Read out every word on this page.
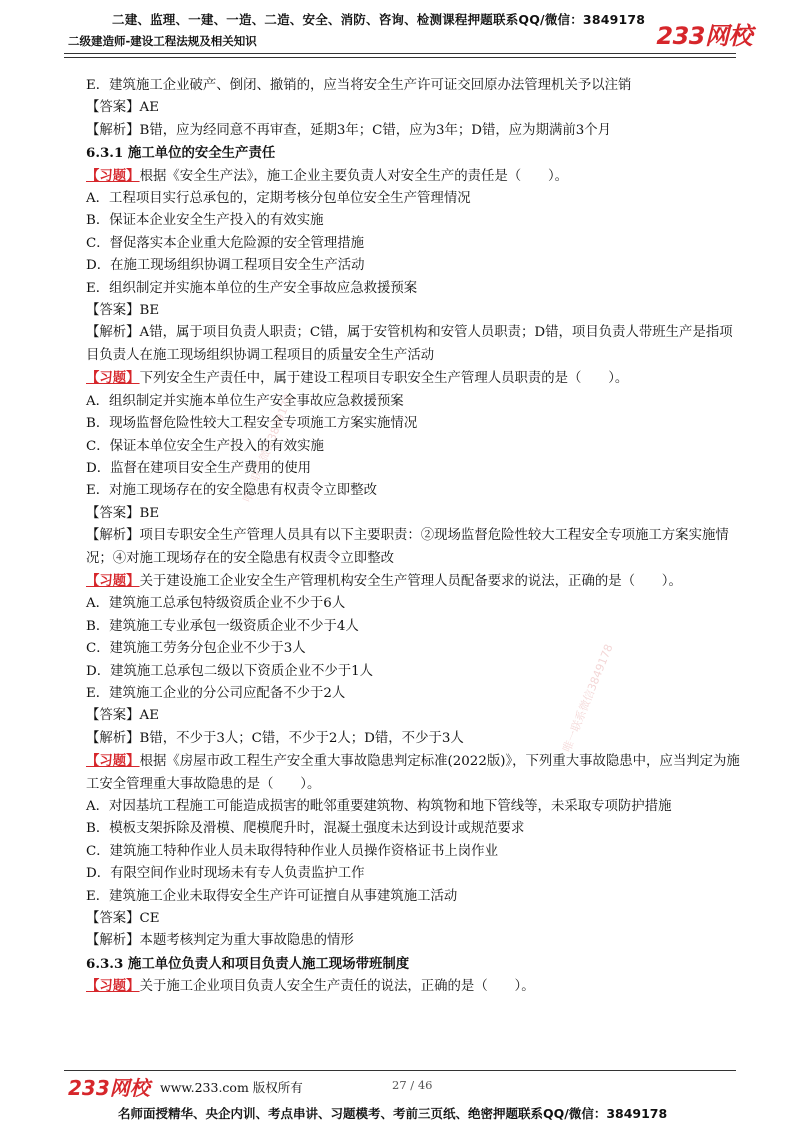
二建、监理、一建、一造、二造、安全、消防、咨询、检测课程押题联系QQ/微信：3849178
二级建造师-建设工程法规及相关知识	233网校
唯一联系微信3849178
唯一联系微信3849178
E．建筑施工企业破产、倒闭、撤销的，应当将安全生产许可证交回原办法管理机关予以注销
【答案】AE
【解析】B错，应为经同意不再审查，延期3年；C错，应为3年；D错，应为期满前3个月
6.3.1 施工单位的安全生产责任
【习题】根据《安全生产法》，施工企业主要负责人对安全生产的责任是（　　）。
A．工程项目实行总承包的，定期考核分包单位安全生产管理情况
B．保证本企业安全生产投入的有效实施
C．督促落实本企业重大危险源的安全管理措施
D．在施工现场组织协调工程项目安全生产活动
E．组织制定并实施本单位的生产安全事故应急救援预案
【答案】BE
【解析】A错，属于项目负责人职责；C错，属于安管机构和安管人员职责；D错，项目负责人带班生产是指项目负责人在施工现场组织协调工程项目的质量安全生产活动
【习题】下列安全生产责任中，属于建设工程项目专职安全生产管理人员职责的是（　　）。
A．组织制定并实施本单位生产安全事故应急救援预案
B．现场监督危险性较大工程安全专项施工方案实施情况
C．保证本单位安全生产投入的有效实施
D．监督在建项目安全生产费用的使用
E．对施工现场存在的安全隐患有权责令立即整改
【答案】BE
【解析】项目专职安全生产管理人员具有以下主要职责：②现场监督危险性较大工程安全专项施工方案实施情况；④对施工现场存在的安全隐患有权责令立即整改
【习题】关于建设施工企业安全生产管理机构安全生产管理人员配备要求的说法，正确的是（　　）。
A．建筑施工总承包特级资质企业不少于6人
B．建筑施工专业承包一级资质企业不少于4人
C．建筑施工劳务分包企业不少于3人
D．建筑施工总承包二级以下资质企业不少于1人
E．建筑施工企业的分公司应配备不少于2人
【答案】AE
【解析】B错，不少于3人；C错，不少于2人；D错，不少于3人
【习题】根据《房屋市政工程生产安全重大事故隐患判定标准(2022版)》，下列重大事故隐患中，应当判定为施工安全管理重大事故隐患的是（　　）。
A．对因基坑工程施工可能造成损害的毗邻重要建筑物、构筑物和地下管线等，未采取专项防护措施
B．模板支架拆除及滑模、爬模爬升时，混凝土强度未达到设计或规范要求
C．建筑施工特种作业人员未取得特种作业人员操作资格证书上岗作业
D．有限空间作业时现场未有专人负责监护工作
E．建筑施工企业未取得安全生产许可证擅自从事建筑施工活动
【答案】CE
【解析】本题考核判定为重大事故隐患的情形
6.3.3 施工单位负责人和项目负责人施工现场带班制度
【习题】关于施工企业项目负责人安全生产责任的说法，正确的是（　　）。
233网校 www.233.com 版权所有	27 / 46
名师面授精华、央企内训、考点串讲、习题模考、考前三页纸、绝密押题联系QQ/微信：3849178
